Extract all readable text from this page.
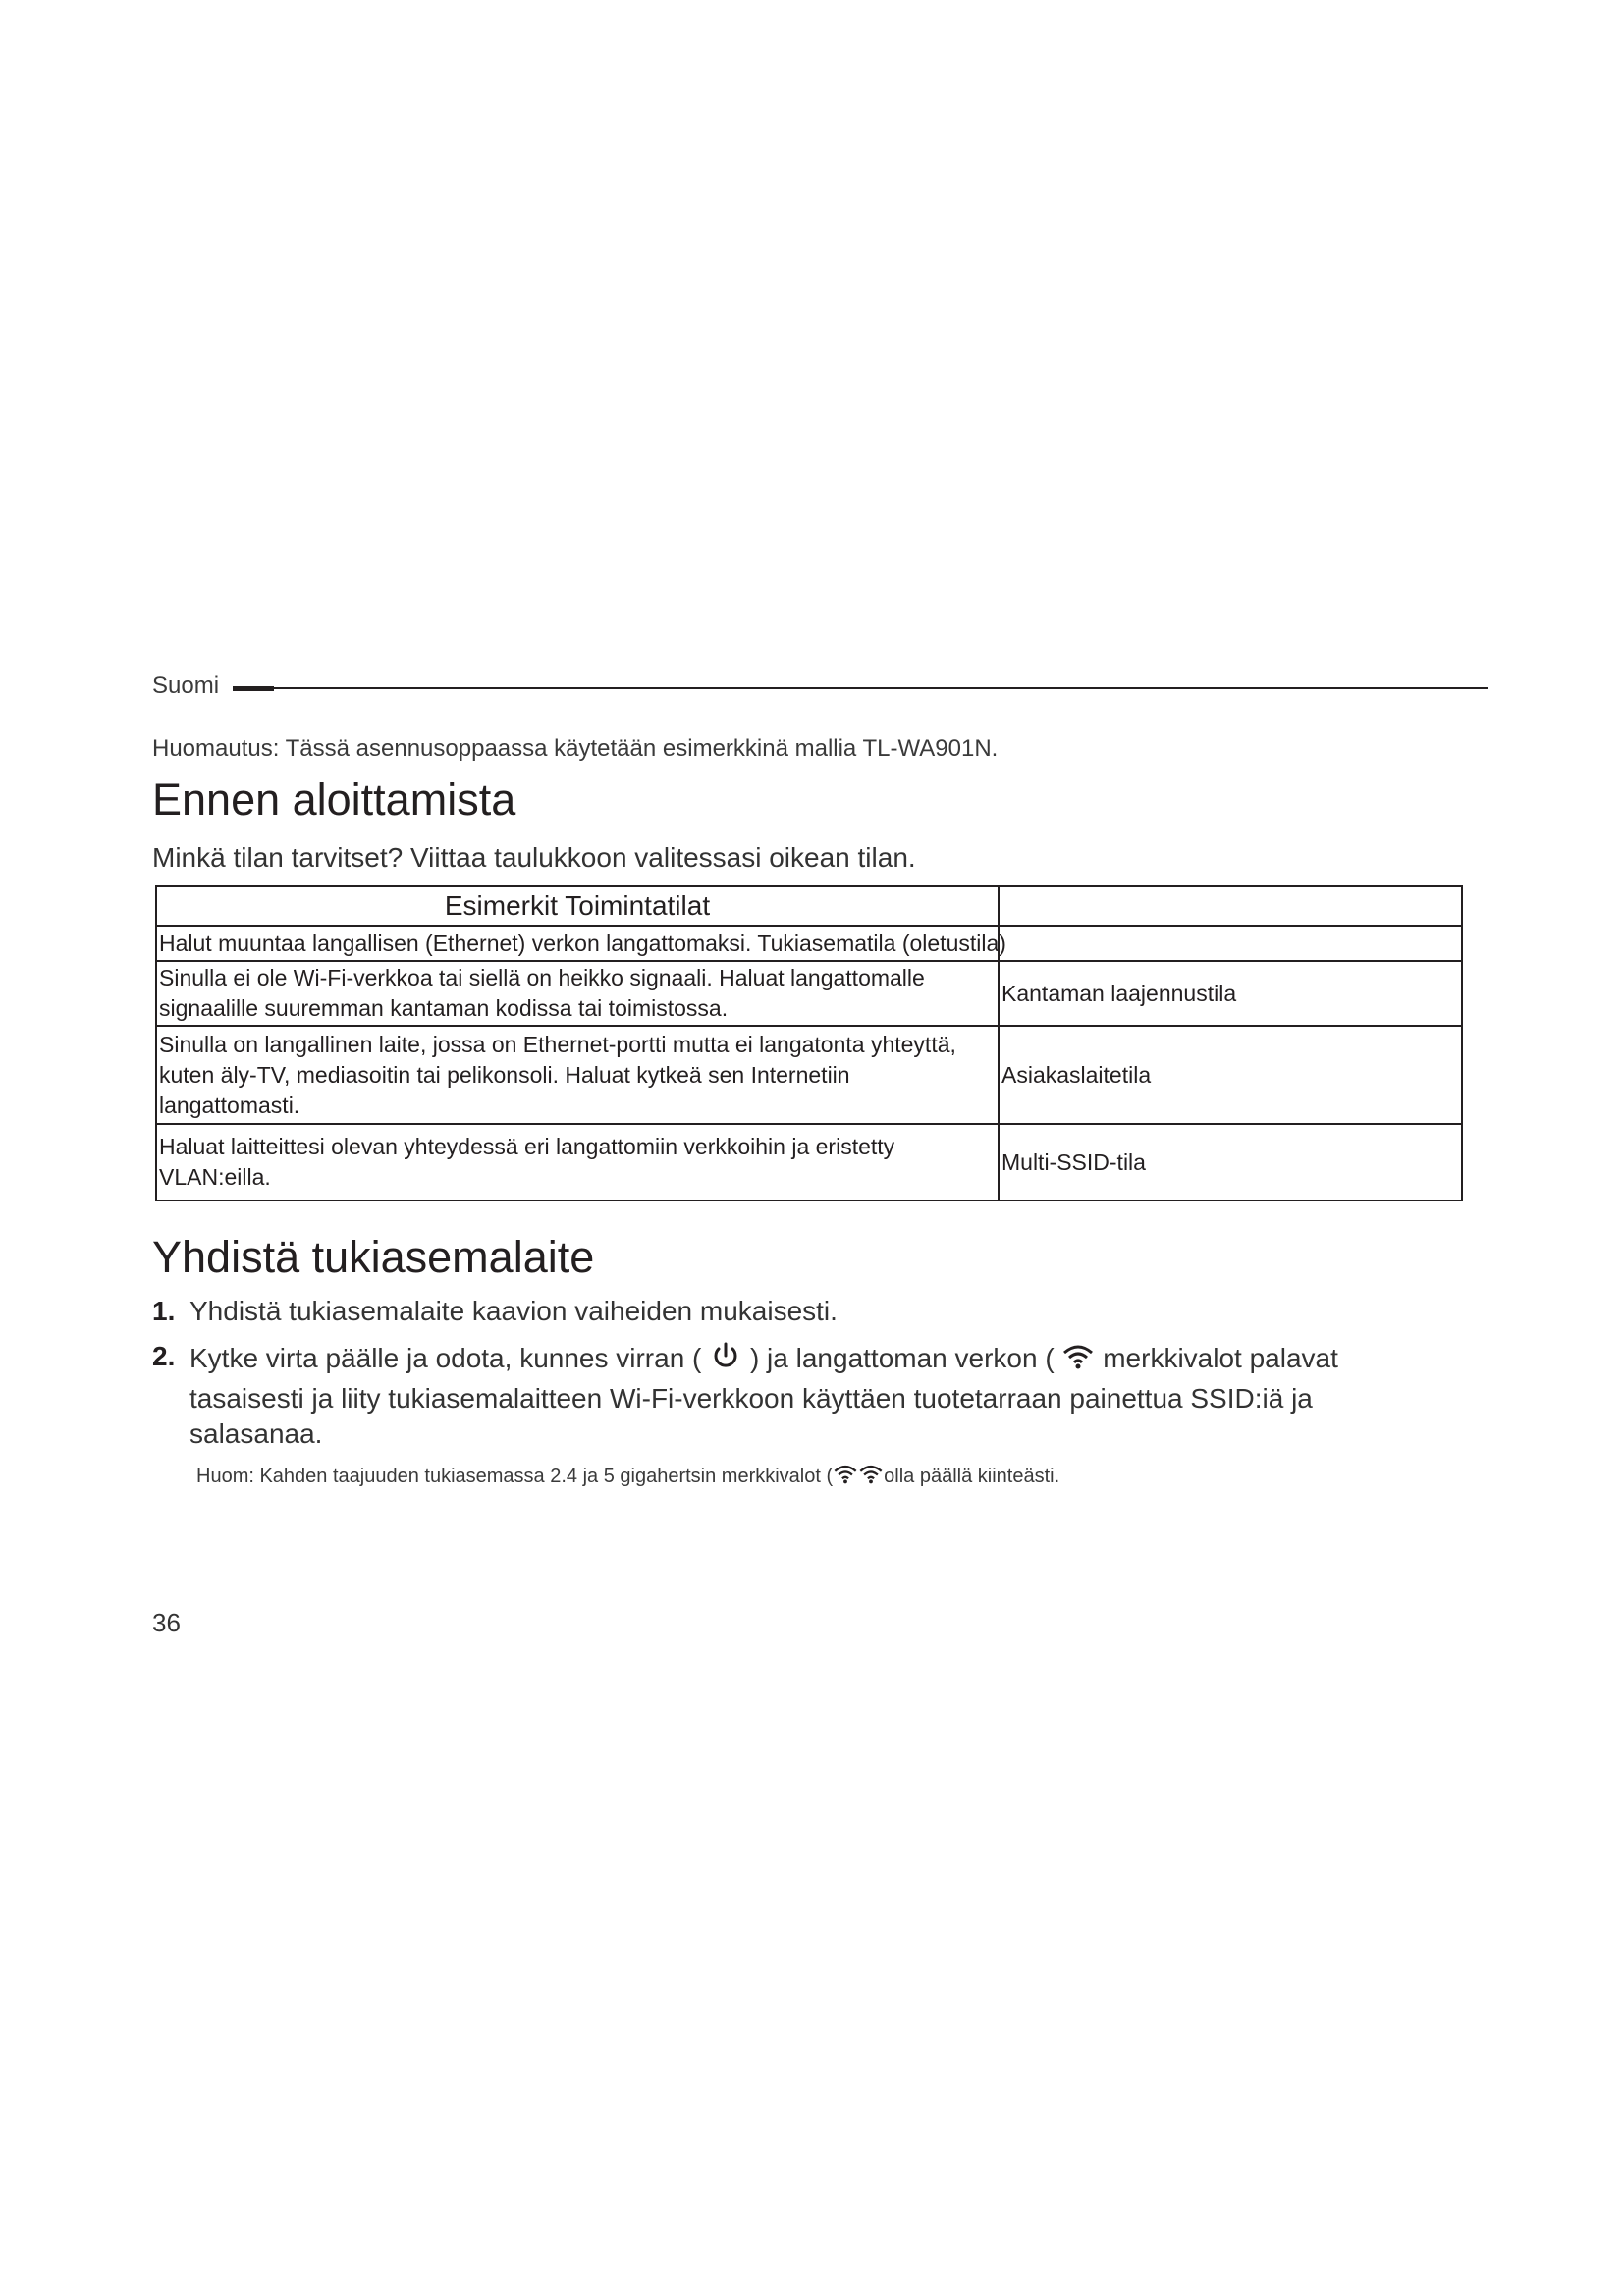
Suomi
Huomautus: Tässä asennusoppaassa käytetään esimerkkinä mallia TL-WA901N.
Ennen aloittamista
Minkä tilan tarvitset? Viittaa taulukkoon valitessasi oikean tilan.
Esimerkit Toimintatilat	
Halut muuntaa langallisen (Ethernet) verkon langattomaksi. Tukiasematila (oletustila)	
Sinulla ei ole Wi-Fi-verkkoa tai siellä on heikko signaali. Haluat langattomalle signaalille suuremman kantaman kodissa tai toimistossa.	Kantaman laajennustila
Sinulla on langallinen laite, jossa on Ethernet-portti mutta ei langatonta yhteyttä, kuten äly-TV, mediasoitin tai pelikonsoli. Haluat kytkeä sen Internetiin langattomasti.	Asiakaslaitetila
Haluat laitteittesi olevan yhteydessä eri langattomiin verkkoihin ja eristetty VLAN:eilla.	Multi-SSID-tila
Yhdistä tukiasemalaite
1. Yhdistä tukiasemalaite kaavion vaiheiden mukaisesti.
2. Kytke virta päälle ja odota, kunnes virran ( ) ja langattoman verkon ( merkkivalot palavat tasaisesti ja liity tukiasemalaitteen Wi-Fi-verkkoon käyttäen tuotetarraan painettua SSID:iä ja salasanaa.
Huom: Kahden taajuuden tukiasemassa 2.4 ja 5 gigahertsin merkkivalot (	olla päällä kiinteästi.
36
